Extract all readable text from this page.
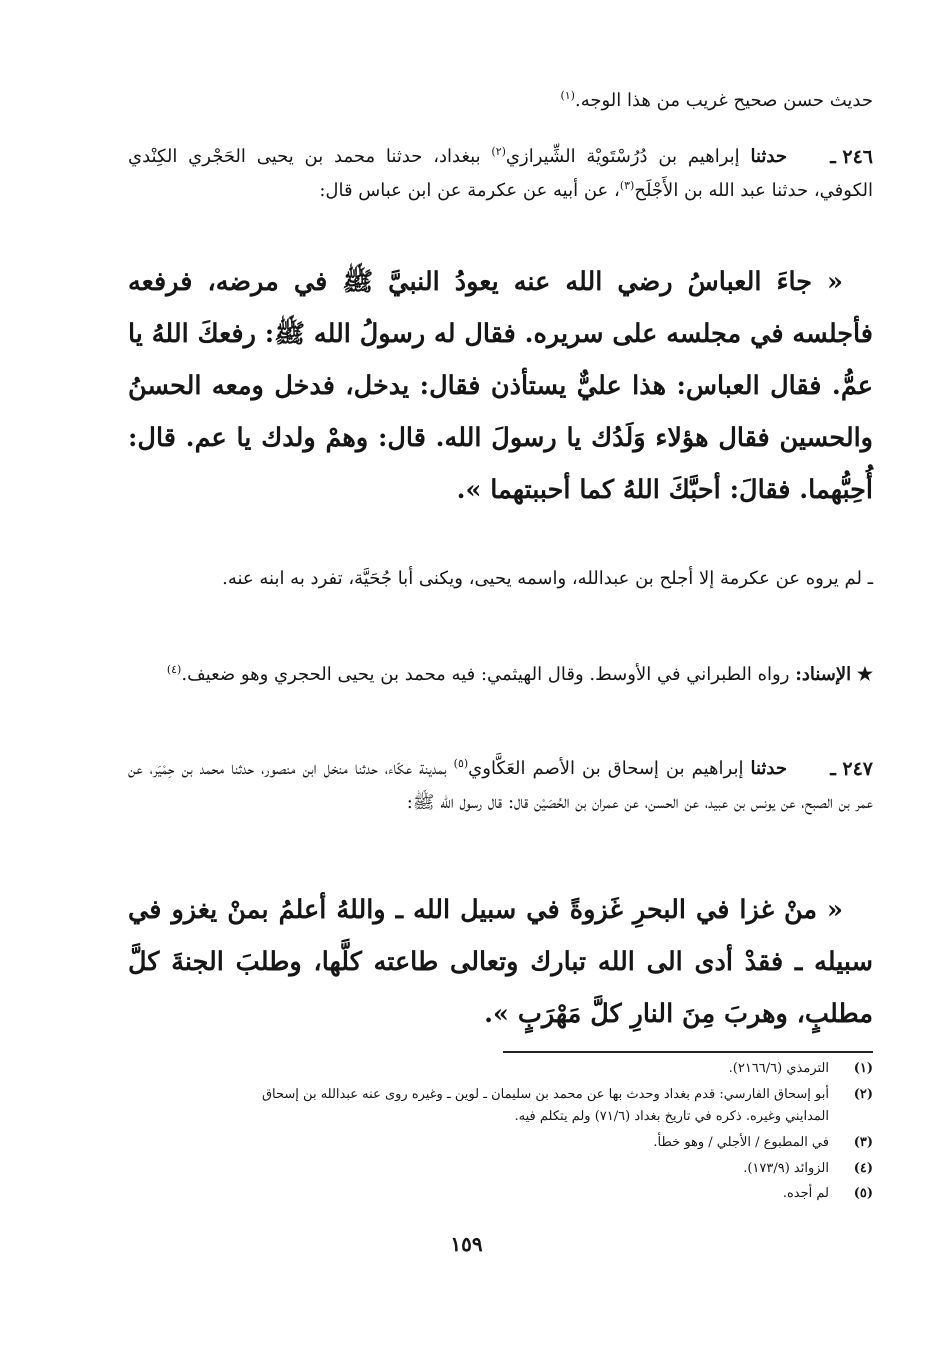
حديث حسن صحيح غريب من هذا الوجه.$^{(١)}$
٢٤٦ ـ
حدثنا إبراهيم بن دُرُسْتَويْة الشِّيرازي$^{(٢)}$ ببغداد، حدثنا محمد بن يحيى الحَجْري الكِنْدي الكوفي، حدثنا عبد الله بن الأَجْلَح$^{(٣)}$، عن أبيه عن عكرمة عن ابن عباس قال:
« جاءَ العباسُ رضي الله عنه يعودُ النبيَّ ﷺ في مرضه، فرفعه فأجلسه في مجلسه على سريره. فقال له رسولُ الله ﷺ: رفعكَ اللهُ يا عمُّ. فقال العباس: هذا عليٌّ يستأذن فقال: يدخل، فدخل ومعه الحسنُ والحسين فقال هؤلاء وَلَدُك يا رسولَ الله. قال: وهمْ ولدك يا عم. قال: أُحِبُّهما. فقالَ: أحبَّكَ اللهُ كما أحببتهما ».
ـ لم يروه عن عكرمة إلا أجلح بن عبدالله، واسمه يحيى، ويكنى أبا جُحَيَّة، تفرد به ابنه عنه.
★ الإسناد: رواه الطبراني في الأوسط. وقال الهيثمي: فيه محمد بن يحيى الحجري وهو ضعيف.$^{(٤)}$
٢٤٧ ـ
حدثنا إبراهيم بن إسحاق بن الأصم العَكَّاوي$^{(٥)}$ بمدينة عكّاء، حدثنا منخل ابن منصور، حدثنا محمد بن حِمْيَر، عن عمر بن الصبح، عن يونس بن عبيد، عن الحسن، عن عمران بن الحُصَيْن قال: قال رسول الله ﷺ:
« منْ غزا في البحرِ غَزوةً في سبيل الله ـ واللهُ أعلمُ بمنْ يغزو في سبيله ـ فقدْ أدى الى الله تبارك وتعالى طاعته كلَّها، وطلبَ الجنةَ كلَّ مطلبٍ، وهربَ مِنَ النارِ كلَّ مَهْرَبٍ ».
(١)الترمذي (٢١٦٦/٦).
(٢)أبو إسحاق الفارسي: قدم بغداد وحدث بها عن محمد بن سليمان ـ لوين ـ وغيره روى عنه عبدالله بن إسحاق
المدايني وغيره. ذكره في تاريخ بغداد (٧١/٦) ولم يتكلم فيه.
(٣)في المطبوع / الأجلي / وهو خطأ.
(٤)الزوائد (١٧٣/٩).
(٥)لم أجده.
١٥٩
